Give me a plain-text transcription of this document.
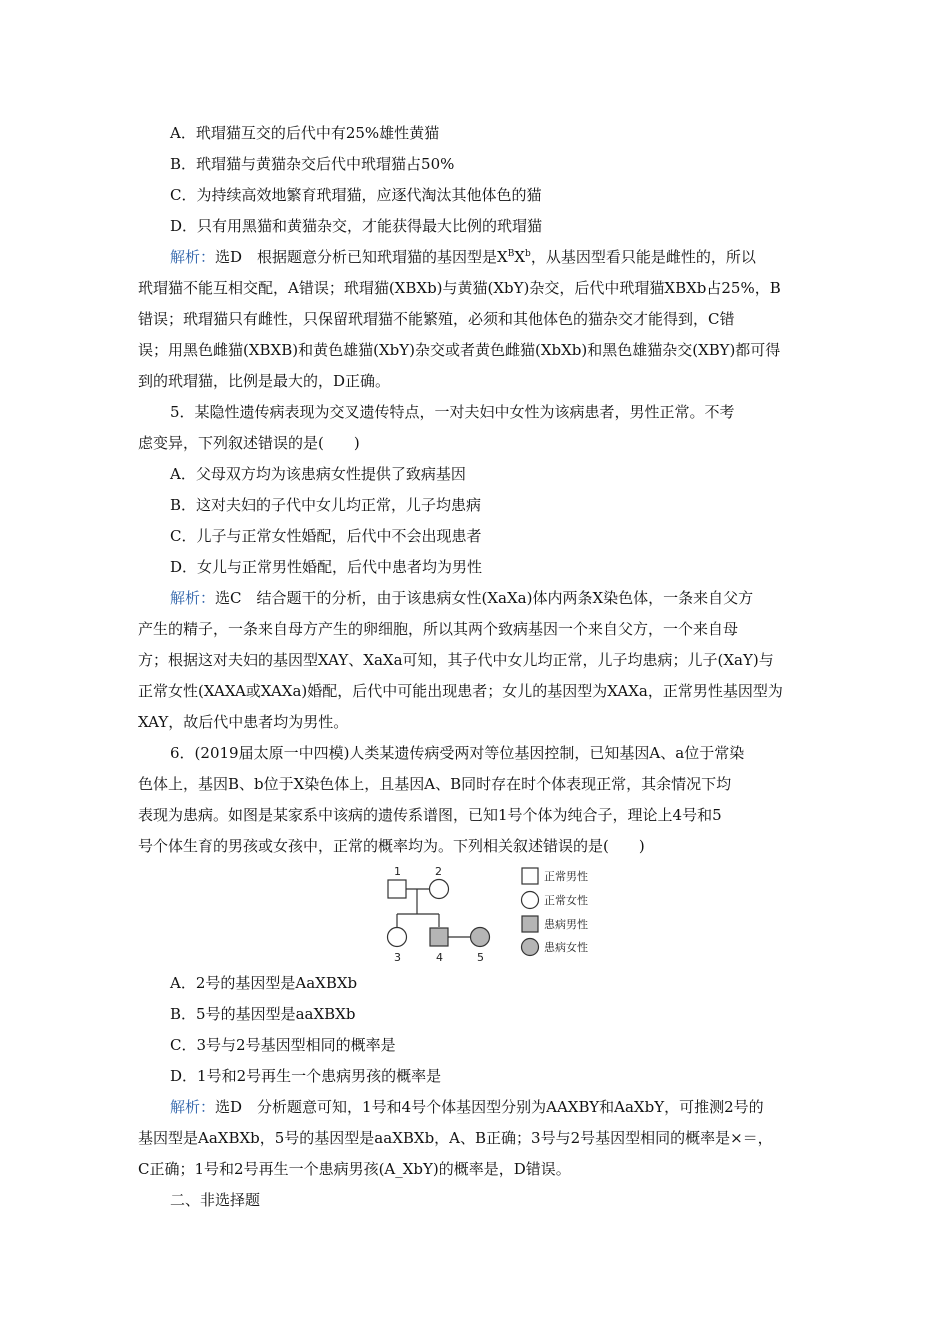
A．玳瑁猫互交的后代中有25%雄性黄猫
B．玳瑁猫与黄猫杂交后代中玳瑁猫占50%
C．为持续高效地繁育玳瑁猫，应逐代淘汰其他体色的猫
D．只有用黑猫和黄猫杂交，才能获得最大比例的玳瑁猫
解析：选D　根据题意分析已知玳瑁猫的基因型是$X^BX^b$，从基因型看只能是雌性的，所以
玳瑁猫不能互相交配，A错误；玳瑁猫(XBXb)与黄猫(XbY)杂交，后代中玳瑁猫XBXb占25%，B
错误；玳瑁猫只有雌性，只保留玳瑁猫不能繁殖，必须和其他体色的猫杂交才能得到，C错
误；用黑色雌猫(XBXB)和黄色雄猫(XbY)杂交或者黄色雌猫(XbXb)和黑色雄猫杂交(XBY)都可得
到的玳瑁猫，比例是最大的，D正确。
5．某隐性遗传病表现为交叉遗传特点，一对夫妇中女性为该病患者，男性正常。不考
虑变异，下列叙述错误的是(　　)
A．父母双方均为该患病女性提供了致病基因
B．这对夫妇的子代中女儿均正常，儿子均患病
C．儿子与正常女性婚配，后代中不会出现患者
D．女儿与正常男性婚配，后代中患者均为男性
解析：选C　结合题干的分析，由于该患病女性(XaXa)体内两条X染色体，一条来自父方
产生的精子，一条来自母方产生的卵细胞，所以其两个致病基因一个来自父方，一个来自母
方；根据这对夫妇的基因型XAY、XaXa可知，其子代中女儿均正常，儿子均患病；儿子(XaY)与
正常女性(XAXA或XAXa)婚配，后代中可能出现患者；女儿的基因型为XAXa，正常男性基因型为
XAY，故后代中患者均为男性。
6．(2019届太原一中四模)人类某遗传病受两对等位基因控制，已知基因A、a位于常染
色体上，基因B、b位于X染色体上，且基因A、B同时存在时个体表现正常，其余情况下均
表现为患病。如图是某家系中该病的遗传系谱图，已知1号个体为纯合子，理论上4号和5
号个体生育的男孩或女孩中，正常的概率均为。下列相关叙述错误的是(　　)
1	2
3	4	5
正常男性
正常女性
患病男性
患病女性
A．2号的基因型是AaXBXb
B．5号的基因型是aaXBXb
C．3号与2号基因型相同的概率是
D．1号和2号再生一个患病男孩的概率是
解析：选D　分析题意可知，1号和4号个体基因型分别为AAXBY和AaXbY，可推测2号的
基因型是AaXBXb，5号的基因型是aaXBXb，A、B正确；3号与2号基因型相同的概率是×＝，
C正确；1号和2号再生一个患病男孩(A_XbY)的概率是，D错误。
二、非选择题
